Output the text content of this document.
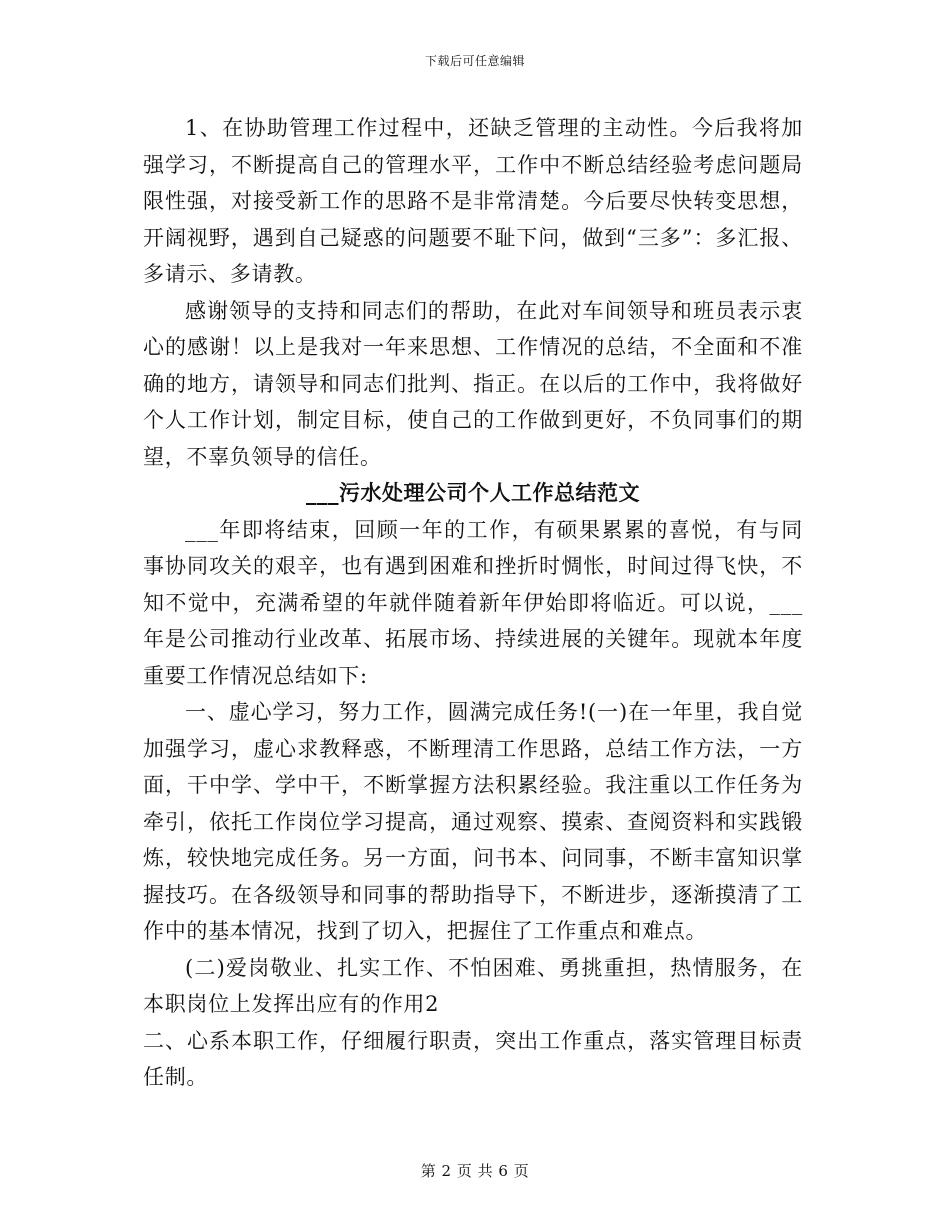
下载后可任意编辑

1、在协助管理工作过程中，还缺乏管理的主动性。今后我将加强学习，不断提高自己的管理水平，工作中不断总结经验考虑问题局限性强，对接受新工作的思路不是非常清楚。今后要尽快转变思想，开阔视野，遇到自己疑惑的问题要不耻下问，做到“三多”：多汇报、多请示、多请教。

感谢领导的支持和同志们的帮助，在此对车间领导和班员表示衷心的感谢！以上是我对一年来思想、工作情况的总结，不全面和不准确的地方，请领导和同志们批判、指正。在以后的工作中，我将做好个人工作计划，制定目标，使自己的工作做到更好，不负同事们的期望，不辜负领导的信任。

___污水处理公司个人工作总结范文

___年即将结束，回顾一年的工作，有硕果累累的喜悦，有与同事协同攻关的艰辛，也有遇到困难和挫折时惆怅，时间过得飞快，不知不觉中，充满希望的年就伴随着新年伊始即将临近。可以说，___年是公司推动行业改革、拓展市场、持续进展的关键年。现就本年度重要工作情况总结如下:

一、虚心学习，努力工作，圆满完成任务!(一)在一年里，我自觉加强学习，虚心求教释惑，不断理清工作思路，总结工作方法，一方面，干中学、学中干，不断掌握方法积累经验。我注重以工作任务为牵引，依托工作岗位学习提高，通过观察、摸索、查阅资料和实践锻炼，较快地完成任务。另一方面，问书本、问同事，不断丰富知识掌握技巧。在各级领导和同事的帮助指导下，不断进步，逐渐摸清了工作中的基本情况，找到了切入，把握住了工作重点和难点。

(二)爱岗敬业、扎实工作、不怕困难、勇挑重担，热情服务，在本职岗位上发挥出应有的作用2

二、心系本职工作，仔细履行职责，突出工作重点，落实管理目标责任制。

第 2 页 共 6 页
